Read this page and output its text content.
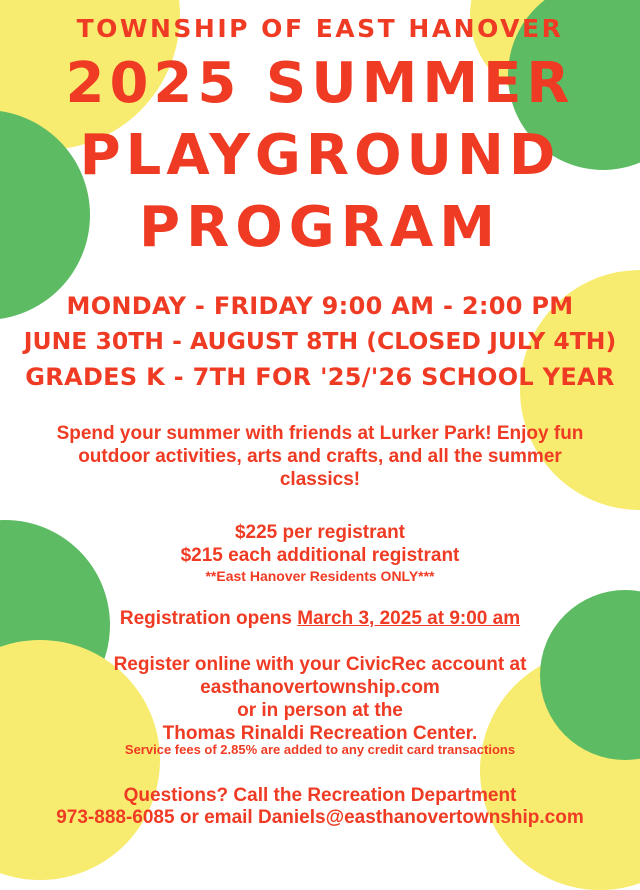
TOWNSHIP OF EAST HANOVER
2025 SUMMER
PLAYGROUND
PROGRAM
MONDAY - FRIDAY 9:00 AM - 2:00 PM
JUNE 30TH - AUGUST 8TH (CLOSED JULY 4TH)
GRADES K - 7TH FOR '25/'26 SCHOOL YEAR

Spend your summer with friends at Lurker Park! Enjoy fun outdoor activities, arts and crafts, and all the summer classics!

$225 per registrant
$215 each additional registrant
**East Hanover Residents ONLY***
Registration opens March 3, 2025 at 9:00 am
Register online with your CivicRec account at
easthanovertownship.com
or in person at the
Thomas Rinaldi Recreation Center.
Service fees of 2.85% are added to any credit card transactions
Questions? Call the Recreation Department
973-888-6085 or email Daniels@easthanovertownship.com
